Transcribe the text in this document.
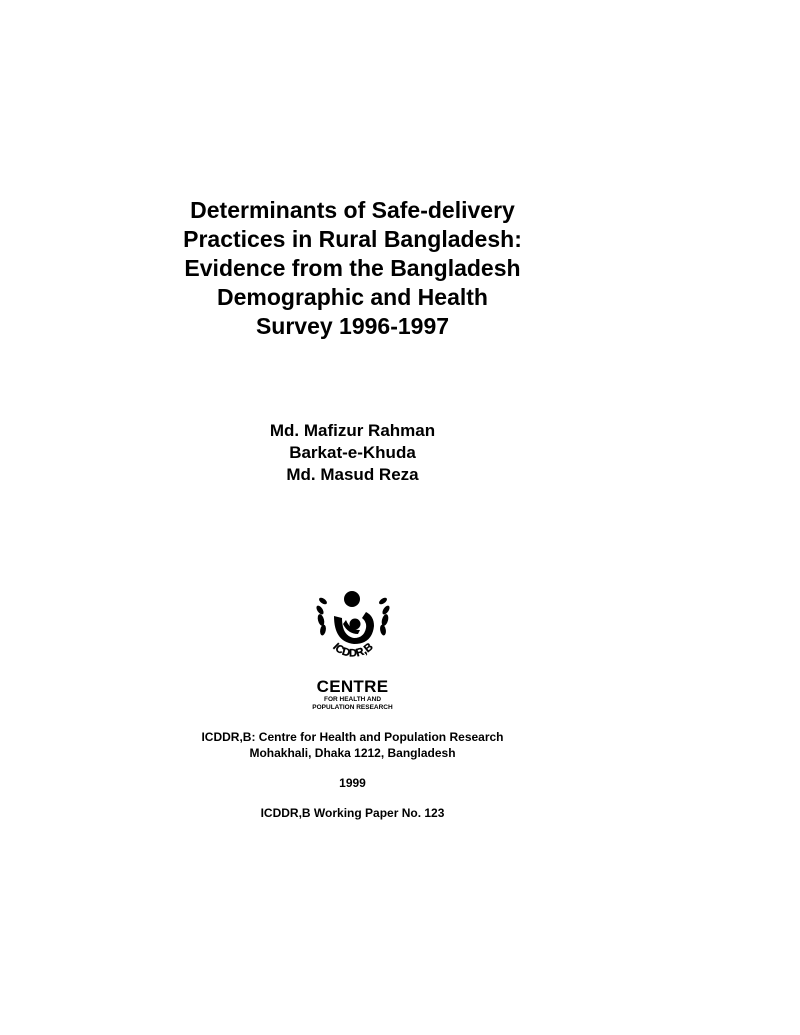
Determinants of Safe-delivery
Practices in Rural Bangladesh:
Evidence from the Bangladesh
Demographic and Health
Survey 1996-1997
Md. Mafizur Rahman
Barkat-e-Khuda
Md. Masud Reza
ICDDR,B
CENTRE
FOR HEALTH AND
POPULATION RESEARCH
ICDDR,B: Centre for Health and Population Research
Mohakhali, Dhaka 1212, Bangladesh
1999
ICDDR,B Working Paper No. 123
